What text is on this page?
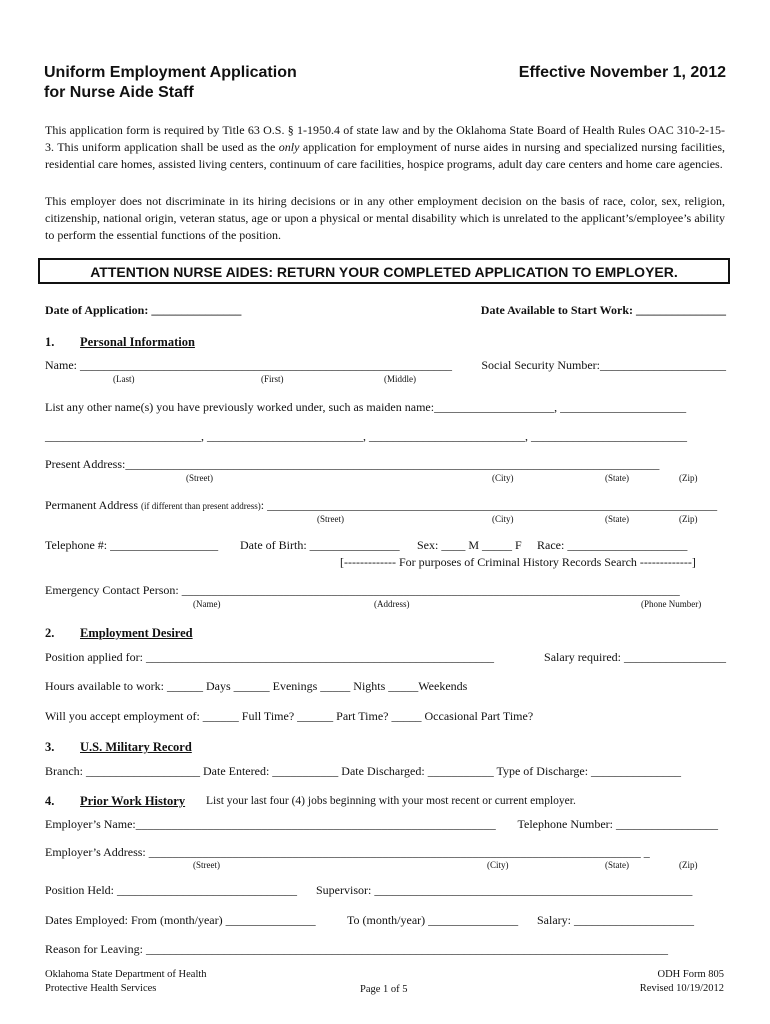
Uniform Employment Application
for Nurse Aide Staff
Effective November 1, 2012
This application form is required by Title 63 O.S. § 1-1950.4 of state law and by the Oklahoma State Board of Health Rules OAC 310-2-15-3. This uniform application shall be used as the only application for employment of nurse aides in nursing and specialized nursing facilities, residential care homes, assisted living centers, continuum of care facilities, hospice programs, adult day care centers and home care agencies.
This employer does not discriminate in its hiring decisions or in any other employment decision on the basis of race, color, sex, religion, citizenship, national origin, veteran status, age or upon a physical or mental disability which is unrelated to the applicant’s/employee’s ability to perform the essential functions of the position.
ATTENTION NURSE AIDES: RETURN YOUR COMPLETED APPLICATION TO EMPLOYER.
Date of Application: _______________	Date Available to Start Work: _______________
1. Personal Information
Name: ______________________________________________________________ Social Security Number:_____________________
(Last)	(First)	(Middle)
List any other name(s) you have previously worked under, such as maiden name:____________________, _____________________
__________________________, __________________________, __________________________, __________________________
Present Address:_________________________________________________________________________________________
(Street)	(City)	(State)	(Zip)
Permanent Address (if different than present address): ___________________________________________________________________________
(Street)	(City)	(State)	(Zip)
Telephone #: __________________ Date of Birth: _______________ Sex: ____ M _____ F Race: ____________________
[------------- For purposes of Criminal History Records Search -------------]
Emergency Contact Person: ___________________________________________________________________________________
(Name)	(Address)	(Phone Number)
2. Employment Desired
Position applied for: __________________________________________________________	Salary required: _________________
Hours available to work: ______ Days ______ Evenings _____ Nights _____Weekends
Will you accept employment of: ______ Full Time? ______ Part Time? _____ Occasional Part Time?
3. U.S. Military Record
Branch: ___________________ Date Entered: ___________ Date Discharged: ___________ Type of Discharge: _______________
4. Prior Work History List your last four (4) jobs beginning with your most recent or current employer.
Employer’s Name:____________________________________________________________ Telephone Number: _________________
Employer’s Address: __________________________________________________________________________________ _
(Street)	(City)	(State)	(Zip)
Position Held: ______________________________ Supervisor: _____________________________________________________
Dates Employed: From (month/year) _______________	To (month/year) _______________ Salary: ____________________
Reason for Leaving: _______________________________________________________________________________________
Oklahoma State Department of Health
Protective Health Services	Page 1 of 5
ODH Form 805
Revised 10/19/2012
